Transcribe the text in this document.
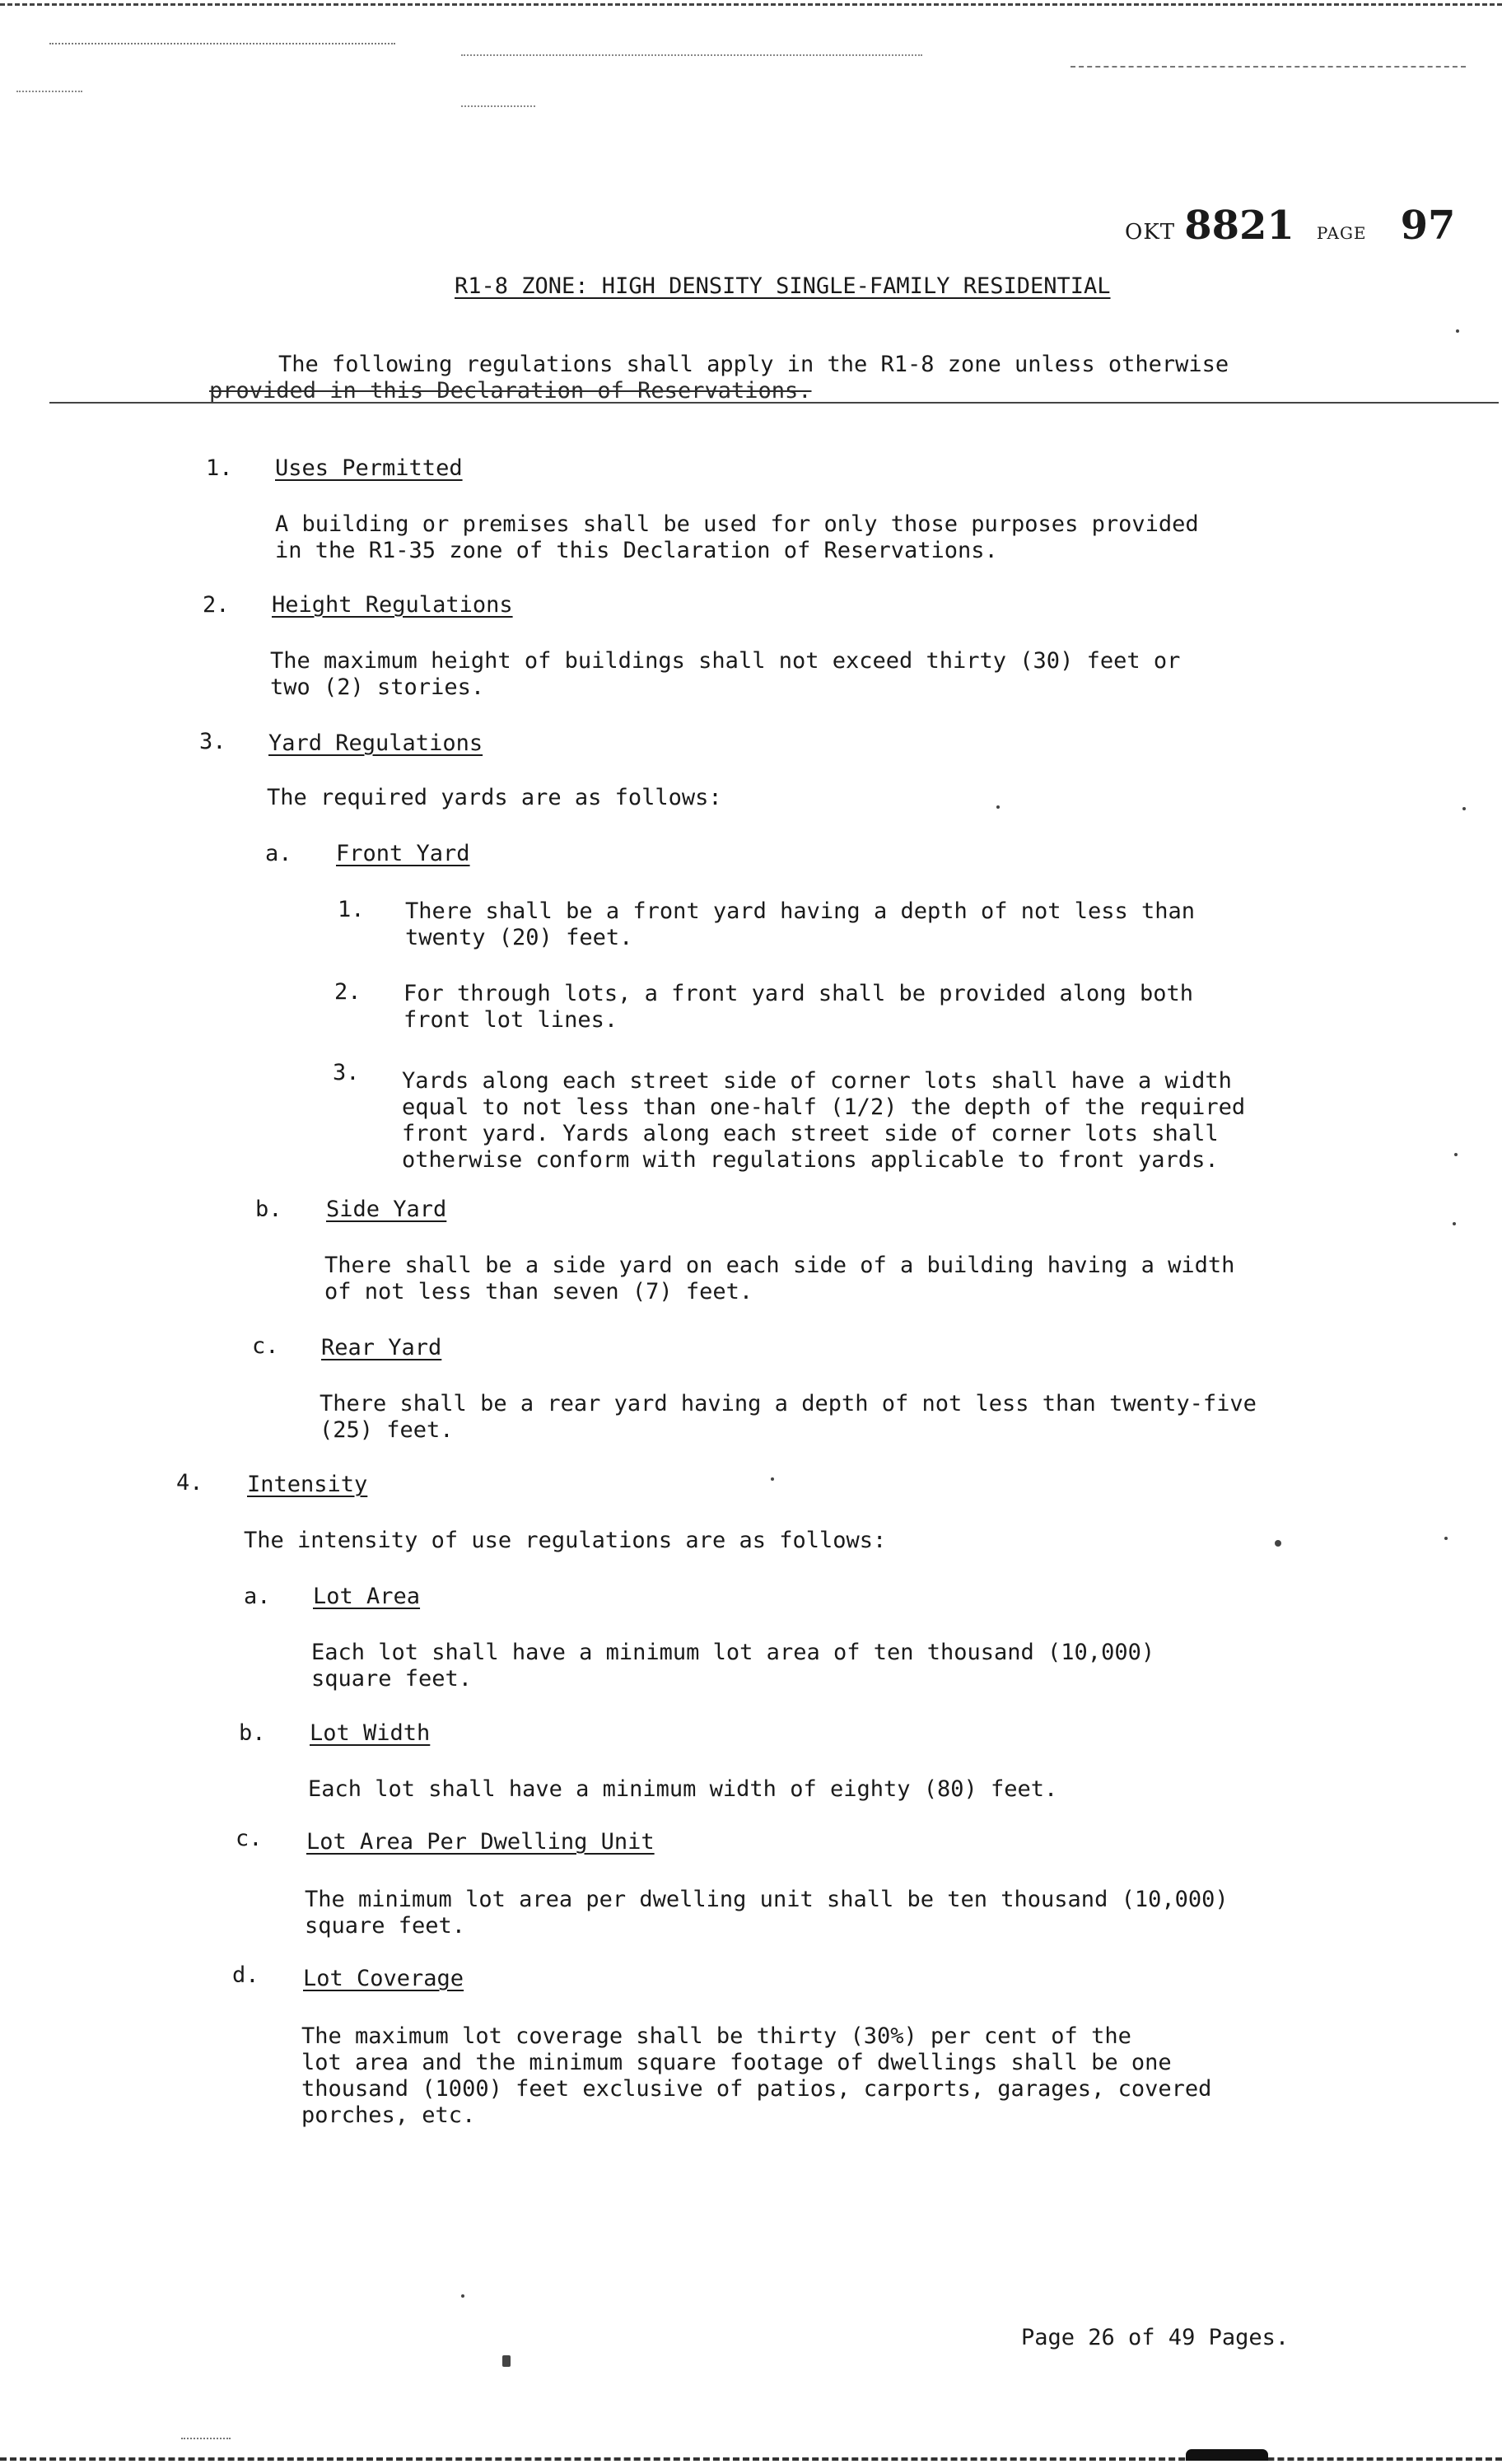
OKT 8821 PAGE 97
R1-8 ZONE: HIGH DENSITY SINGLE-FAMILY RESIDENTIAL
The following regulations shall apply in the R1-8 zone unless otherwise
provided in this Declaration of Reservations.
1. Uses Permitted
A building or premises shall be used for only those purposes provided
in the R1-35 zone of this Declaration of Reservations.
2. Height Regulations
The maximum height of buildings shall not exceed thirty (30) feet or
two (2) stories.
3. Yard Regulations
The required yards are as follows:
a. Front Yard
1. There shall be a front yard having a depth of not less than
twenty (20) feet.
2. For through lots, a front yard shall be provided along both
front lot lines.
3. Yards along each street side of corner lots shall have a width
equal to not less than one-half (1/2) the depth of the required
front yard. Yards along each street side of corner lots shall
otherwise conform with regulations applicable to front yards.
b. Side Yard
There shall be a side yard on each side of a building having a width
of not less than seven (7) feet.
c. Rear Yard
There shall be a rear yard having a depth of not less than twenty-five
(25) feet.
4. Intensity
The intensity of use regulations are as follows:
a. Lot Area
Each lot shall have a minimum lot area of ten thousand (10,000)
square feet.
b. Lot Width
Each lot shall have a minimum width of eighty (80) feet.
c. Lot Area Per Dwelling Unit
The minimum lot area per dwelling unit shall be ten thousand (10,000)
square feet.
d. Lot Coverage
The maximum lot coverage shall be thirty (30%) per cent of the
lot area and the minimum square footage of dwellings shall be one
thousand (1000) feet exclusive of patios, carports, garages, covered
porches, etc.
Page 26 of 49 Pages.
